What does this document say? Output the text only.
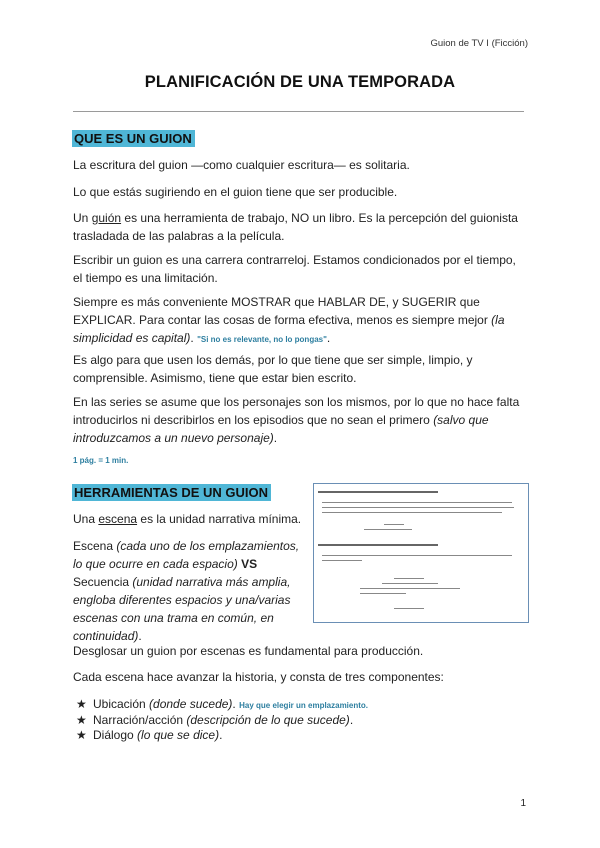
Guion de TV I (Ficción)
PLANIFICACIÓN DE UNA TEMPORADA
QUE ES UN GUION
La escritura del guion —como cualquier escritura— es solitaria.
Lo que estás sugiriendo en el guion tiene que ser producible.
Un guión es una herramienta de trabajo, NO un libro. Es la percepción del guionista trasladada de las palabras a la película.
Escribir un guion es una carrera contrarreloj. Estamos condicionados por el tiempo, el tiempo es una limitación.
Siempre es más conveniente MOSTRAR que HABLAR DE, y SUGERIR que EXPLICAR. Para contar las cosas de forma efectiva, menos es siempre mejor (la simplicidad es capital). "Si no es relevante, no lo pongas".
Es algo para que usen los demás, por lo que tiene que ser simple, limpio, y comprensible. Asimismo, tiene que estar bien escrito.
En las series se asume que los personajes son los mismos, por lo que no hace falta introducirlos ni describirlos en los episodios que no sean el primero (salvo que introduzcamos a un nuevo personaje).
1 pág. = 1 min.
HERRAMIENTAS DE UN GUION
Una escena es la unidad narrativa mínima.
Escena (cada uno de los emplazamientos, lo que ocurre en cada espacio) VS Secuencia (unidad narrativa más amplia, engloba diferentes espacios y una/varias escenas con una trama en común, en continuidad).
Desglosar un guion por escenas es fundamental para producción.
Cada escena hace avanzar la historia, y consta de tres componentes:
★ Ubicación (donde sucede). Hay que elegir un emplazamiento.
★ Narración/acción (descripción de lo que sucede).
★ Diálogo (lo que se dice).
1
